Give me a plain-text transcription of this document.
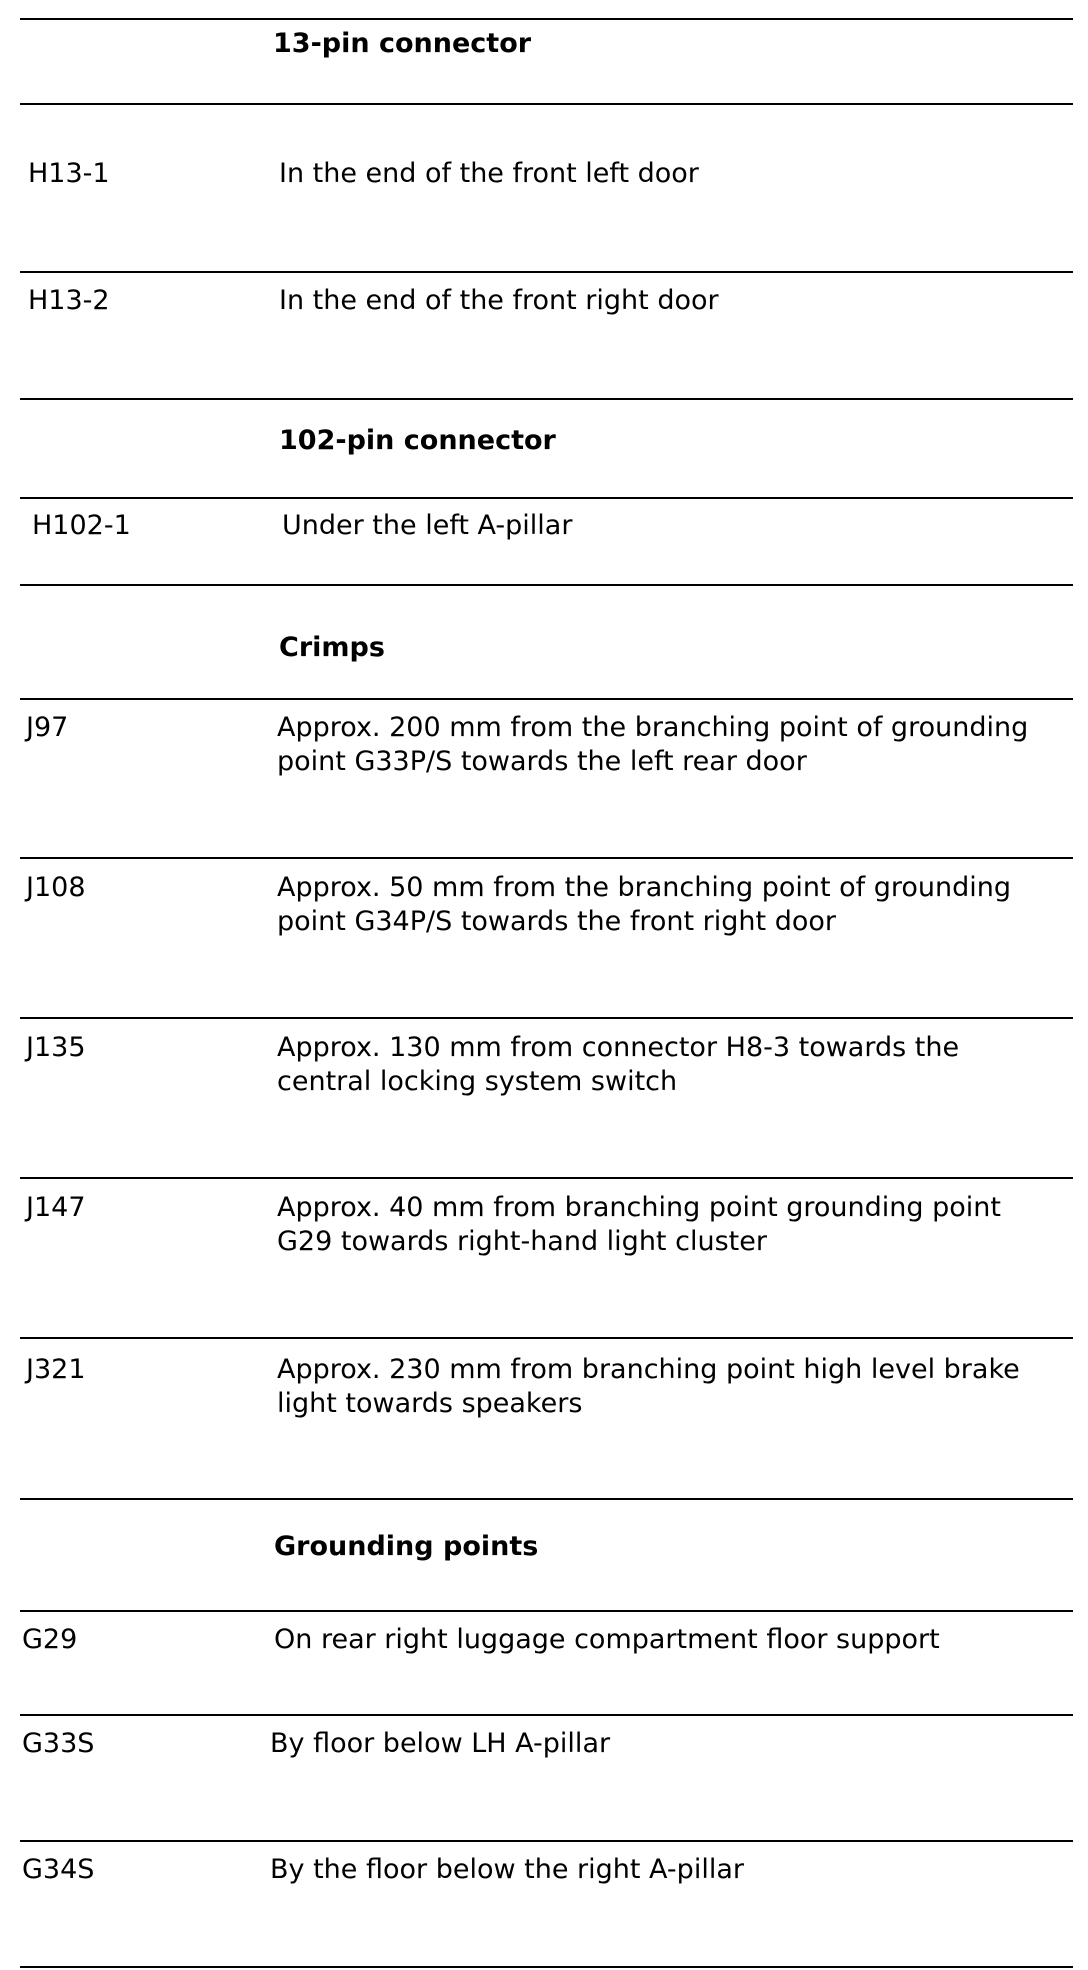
13-pin connector
H13-1	In the end of the front left door
H13-2	In the end of the front right door
102-pin connector
H102-1	Under the left A-pillar
Crimps
J97	Approx. 200 mm from the branching point of grounding
point G33P/S towards the left rear door
J108	Approx. 50 mm from the branching point of grounding
point G34P/S towards the front right door
J135	Approx. 130 mm from connector H8-3 towards the
central locking system switch
J147	Approx. 40 mm from branching point grounding point
G29 towards right-hand light cluster
J321	Approx. 230 mm from branching point high level brake
light towards speakers
Grounding points
G29	On rear right luggage compartment floor support
G33S	By floor below LH A-pillar
G34S	By the floor below the right A-pillar
